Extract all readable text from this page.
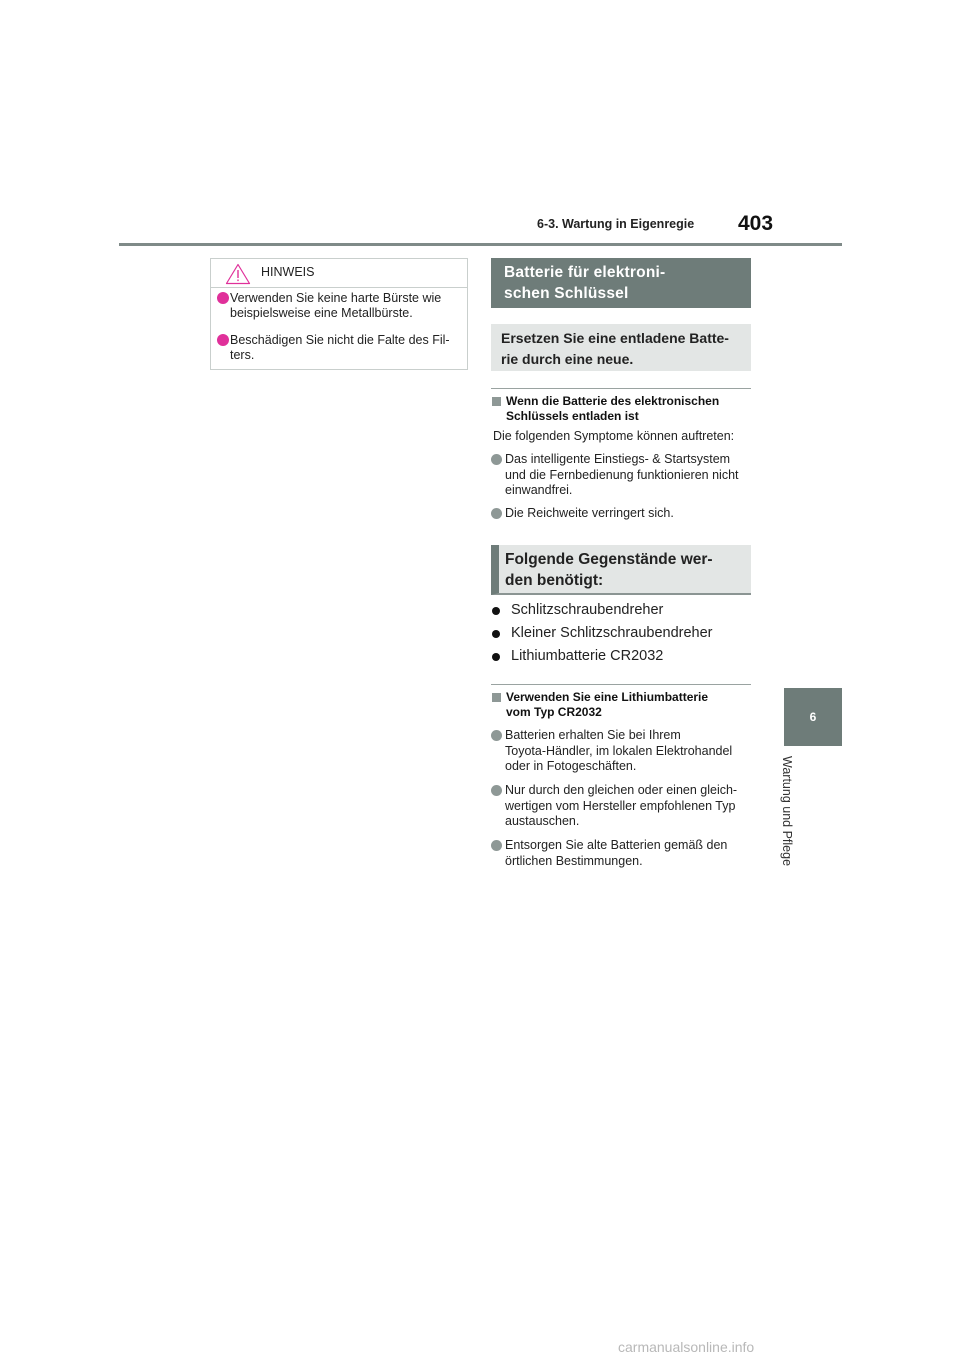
6-3. Wartung in Eigenregie 403
6
Wartung und Pflege
HINWEIS
Verwenden Sie keine harte Bürste wie
beispielsweise eine Metallbürste.
Beschädigen Sie nicht die Falte des Fil-
ters.
Batterie für elektroni-
schen Schlüssel
Ersetzen Sie eine entladene Batte-
rie durch eine neue.
Wenn die Batterie des elektronischen
Schlüssels entladen ist
Die folgenden Symptome können auftreten:
Das intelligente Einstiegs- & Startsystem
und die Fernbedienung funktionieren nicht
einwandfrei.
Die Reichweite verringert sich.
Folgende Gegenstände wer-
den benötigt:
Schlitzschraubendreher
Kleiner Schlitzschraubendreher
Lithiumbatterie CR2032
Verwenden Sie eine Lithiumbatterie
vom Typ CR2032
Batterien erhalten Sie bei Ihrem
Toyota-Händler, im lokalen Elektrohandel
oder in Fotogeschäften.
Nur durch den gleichen oder einen gleich-
wertigen vom Hersteller empfohlenen Typ
austauschen.
Entsorgen Sie alte Batterien gemäß den
örtlichen Bestimmungen.
carmanualsonline.info
